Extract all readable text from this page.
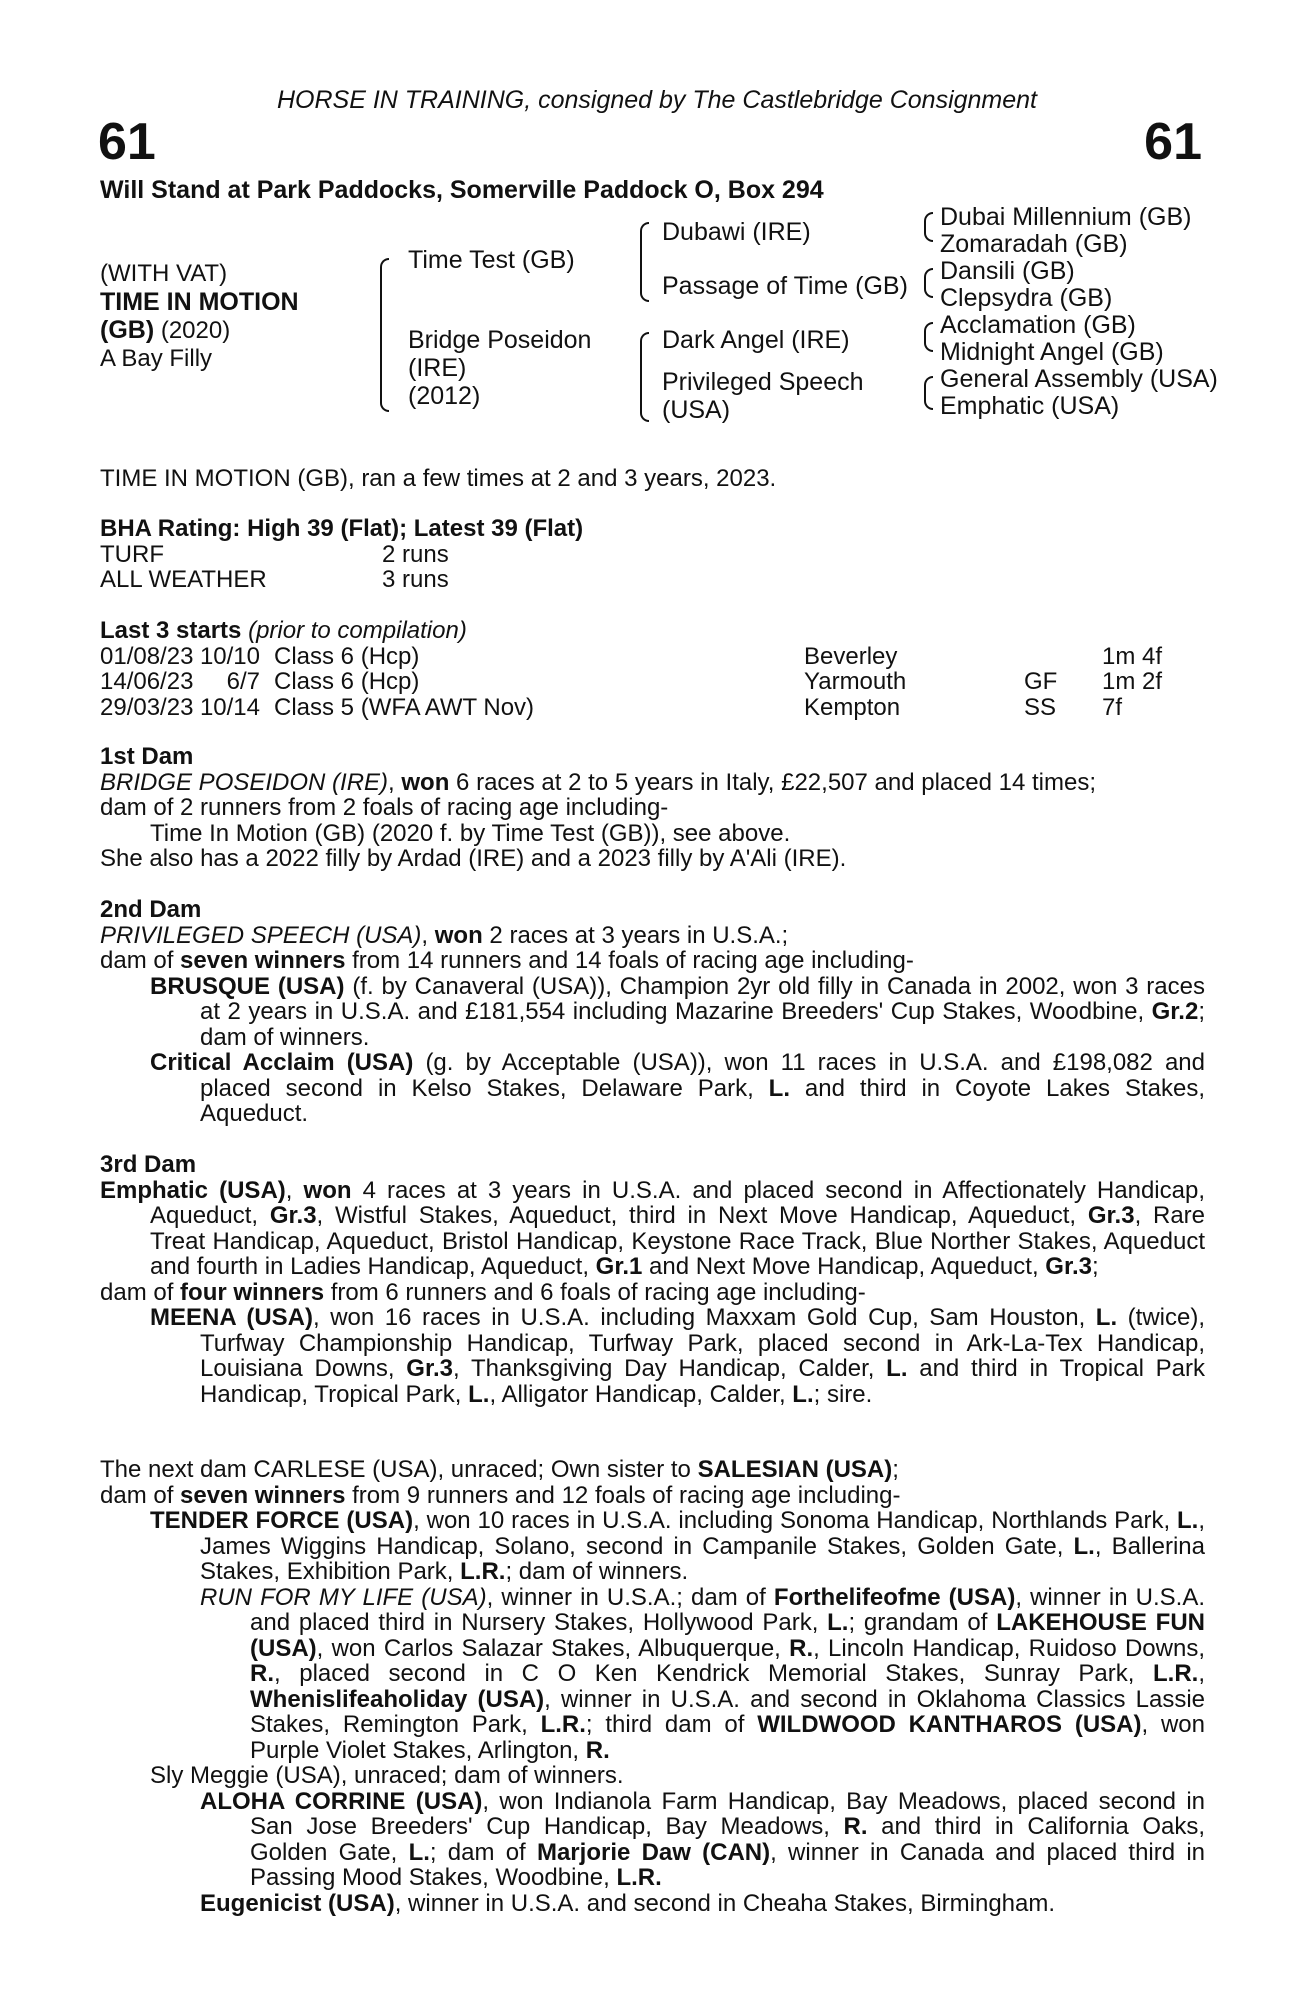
HORSE IN TRAINING, consigned by The Castlebridge Consignment
61	61
Will Stand at Park Paddocks, Somerville Paddock O, Box 294
(WITH VAT)
TIME IN MOTION
(GB) (2020)
A Bay Filly
Time Test (GB)
Bridge Poseidon
(IRE)
(2012)
Dubawi (IRE)
Passage of Time (GB)
Dark Angel (IRE)
Privileged Speech
(USA)
Dubai Millennium (GB)
Zomaradah (GB)
Dansili (GB)
Clepsydra (GB)
Acclamation (GB)
Midnight Angel (GB)
General Assembly (USA)
Emphatic (USA)
TIME IN MOTION (GB), ran a few times at 2 and 3 years, 2023.
BHA Rating: High 39 (Flat); Latest 39 (Flat)
TURF	2 runs
ALL WEATHER	3 runs
Last 3 starts (prior to compilation)
01/08/23	10/10	Class 6 (Hcp)	Beverley		1m 4f
14/06/23	6/7	Class 6 (Hcp)	Yarmouth	GF	1m 2f
29/03/23	10/14	Class 5 (WFA AWT Nov)	Kempton	SS	7f
1st Dam
BRIDGE POSEIDON (IRE), won 6 races at 2 to 5 years in Italy, £22,507 and placed 14 times;
dam of 2 runners from 2 foals of racing age including-
Time In Motion (GB) (2020 f. by Time Test (GB)), see above.
She also has a 2022 filly by Ardad (IRE) and a 2023 filly by A'Ali (IRE).
2nd Dam
PRIVILEGED SPEECH (USA), won 2 races at 3 years in U.S.A.;
dam of seven winners from 14 runners and 14 foals of racing age including-
BRUSQUE (USA) (f. by Canaveral (USA)), Champion 2yr old filly in Canada in 2002, won 3 races at 2 years in U.S.A. and £181,554 including Mazarine Breeders' Cup Stakes, Woodbine, Gr.2; dam of winners.
Critical Acclaim (USA) (g. by Acceptable (USA)), won 11 races in U.S.A. and £198,082 and placed second in Kelso Stakes, Delaware Park, L. and third in Coyote Lakes Stakes, Aqueduct.
3rd Dam
Emphatic (USA), won 4 races at 3 years in U.S.A. and placed second in Affectionately Handicap, Aqueduct, Gr.3, Wistful Stakes, Aqueduct, third in Next Move Handicap, Aqueduct, Gr.3, Rare Treat Handicap, Aqueduct, Bristol Handicap, Keystone Race Track, Blue Norther Stakes, Aqueduct and fourth in Ladies Handicap, Aqueduct, Gr.1 and Next Move Handicap, Aqueduct, Gr.3;
dam of four winners from 6 runners and 6 foals of racing age including-
MEENA (USA), won 16 races in U.S.A. including Maxxam Gold Cup, Sam Houston, L. (twice), Turfway Championship Handicap, Turfway Park, placed second in Ark-La-Tex Handicap, Louisiana Downs, Gr.3, Thanksgiving Day Handicap, Calder, L. and third in Tropical Park Handicap, Tropical Park, L., Alligator Handicap, Calder, L.; sire.
The next dam CARLESE (USA), unraced; Own sister to SALESIAN (USA);
dam of seven winners from 9 runners and 12 foals of racing age including-
TENDER FORCE (USA), won 10 races in U.S.A. including Sonoma Handicap, Northlands Park, L., James Wiggins Handicap, Solano, second in Campanile Stakes, Golden Gate, L., Ballerina Stakes, Exhibition Park, L.R.; dam of winners.
RUN FOR MY LIFE (USA), winner in U.S.A.; dam of Forthelifeofme (USA), winner in U.S.A. and placed third in Nursery Stakes, Hollywood Park, L.; grandam of LAKEHOUSE FUN (USA), won Carlos Salazar Stakes, Albuquerque, R., Lincoln Handicap, Ruidoso Downs, R., placed second in C O Ken Kendrick Memorial Stakes, Sunray Park, L.R., Whenislifeaholiday (USA), winner in U.S.A. and second in Oklahoma Classics Lassie Stakes, Remington Park, L.R.; third dam of WILDWOOD KANTHAROS (USA), won Purple Violet Stakes, Arlington, R.
Sly Meggie (USA), unraced; dam of winners.
ALOHA CORRINE (USA), won Indianola Farm Handicap, Bay Meadows, placed second in San Jose Breeders' Cup Handicap, Bay Meadows, R. and third in California Oaks, Golden Gate, L.; dam of Marjorie Daw (CAN), winner in Canada and placed third in Passing Mood Stakes, Woodbine, L.R.
Eugenicist (USA), winner in U.S.A. and second in Cheaha Stakes, Birmingham.
